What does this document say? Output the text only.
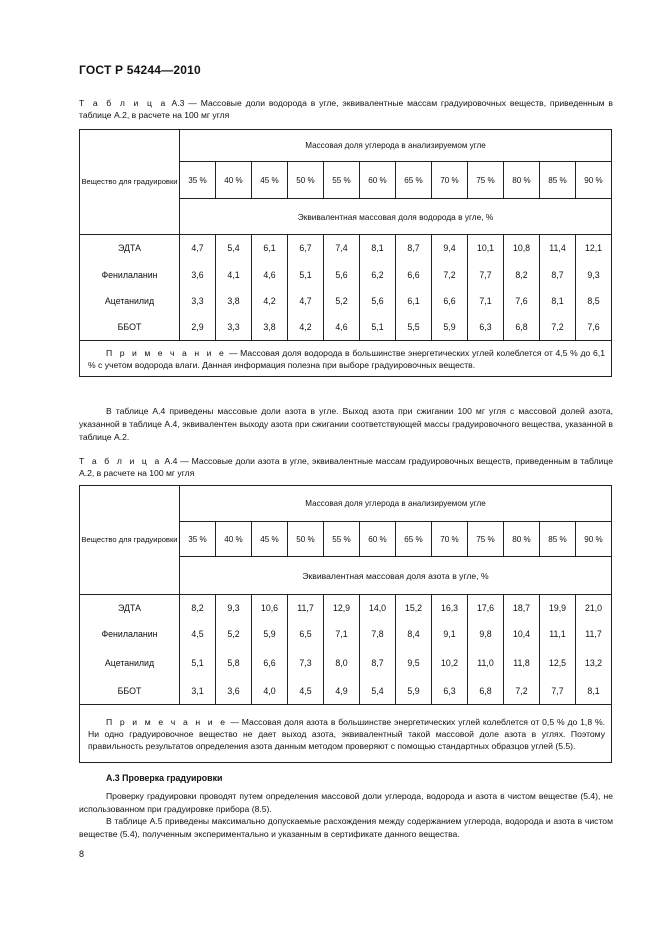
ГОСТ Р 54244—2010
Т а б л и ц а А.3 — Массовые доли водорода в угле, эквивалентные массам градуировочных веществ, приведенным в таблице А.2, в расчете на 100 мг угля
Вещество для градуировки	Массовая доля углерода в анализируемом угле											
	35 %	40 %	45 %	50 %	55 %	60 %	65 %	70 %	75 %	80 %	85 %	90 %
	Эквивалентная массовая доля водорода в угле, %											
ЭДТА	4,7	5,4	6,1	6,7	7,4	8,1	8,7	9,4	10,1	10,8	11,4	12,1
Фенилаланин	3,6	4,1	4,6	5,1	5,6	6,2	6,6	7,2	7,7	8,2	8,7	9,3
Ацетанилид	3,3	3,8	4,2	4,7	5,2	5,6	6,1	6,6	7,1	7,6	8,1	8,5
ББОТ	2,9	3,3	3,8	4,2	4,6	5,1	5,5	5,9	6,3	6,8	7,2	7,6
П р и м е ч а н и е — Массовая доля водорода в большинстве энергетических углей колеблется от 4,5 % до 6,1 % с учетом водорода влаги. Данная информация полезна при выборе градуировочных веществ.												
В таблице А.4 приведены массовые доли азота в угле. Выход азота при сжигании 100 мг угля с массовой долей азота, указанной в таблице А.4, эквивалентен выходу азота при сжигании соответствующей массы градуировочного вещества, указанной в таблице А.2.
Т а б л и ц а А.4 — Массовые доли азота в угле, эквивалентные массам градуировочных веществ, приведенным в таблице А.2, в расчете на 100 мг угля
Вещество для градуировки	Массовая доля углерода в анализируемом угле											
	35 %	40 %	45 %	50 %	55 %	60 %	65 %	70 %	75 %	80 %	85 %	90 %
	Эквивалентная массовая доля азота в угле, %											
ЭДТА	8,2	9,3	10,6	11,7	12,9	14,0	15,2	16,3	17,6	18,7	19,9	21,0
Фенилаланин	4,5	5,2	5,9	6,5	7,1	7,8	8,4	9,1	9,8	10,4	11,1	11,7
Ацетанилид	5,1	5,8	6,6	7,3	8,0	8,7	9,5	10,2	11,0	11,8	12,5	13,2
ББОТ	3,1	3,6	4,0	4,5	4,9	5,4	5,9	6,3	6,8	7,2	7,7	8,1
П р и м е ч а н и е — Массовая доля азота в большинстве энергетических углей колеблется от 0,5 % до 1,8 %. Ни одно градуировочное вещество не дает выход азота, эквивалентный такой массовой доле азота в углях. Поэтому правильность результатов определения азота данным методом проверяют с помощью стандартных образцов углей (5.5).												
А.3 Проверка градуировки
Проверку градуировки проводят путем определения массовой доли углерода, водорода и азота в чистом веществе (5.4), не использованном при градуировке прибора (8.5).
В таблице А.5 приведены максимально допускаемые расхождения между содержанием углерода, водорода и азота в чистом веществе (5.4), полученным экспериментально и указанным в сертификате данного вещества.
8
